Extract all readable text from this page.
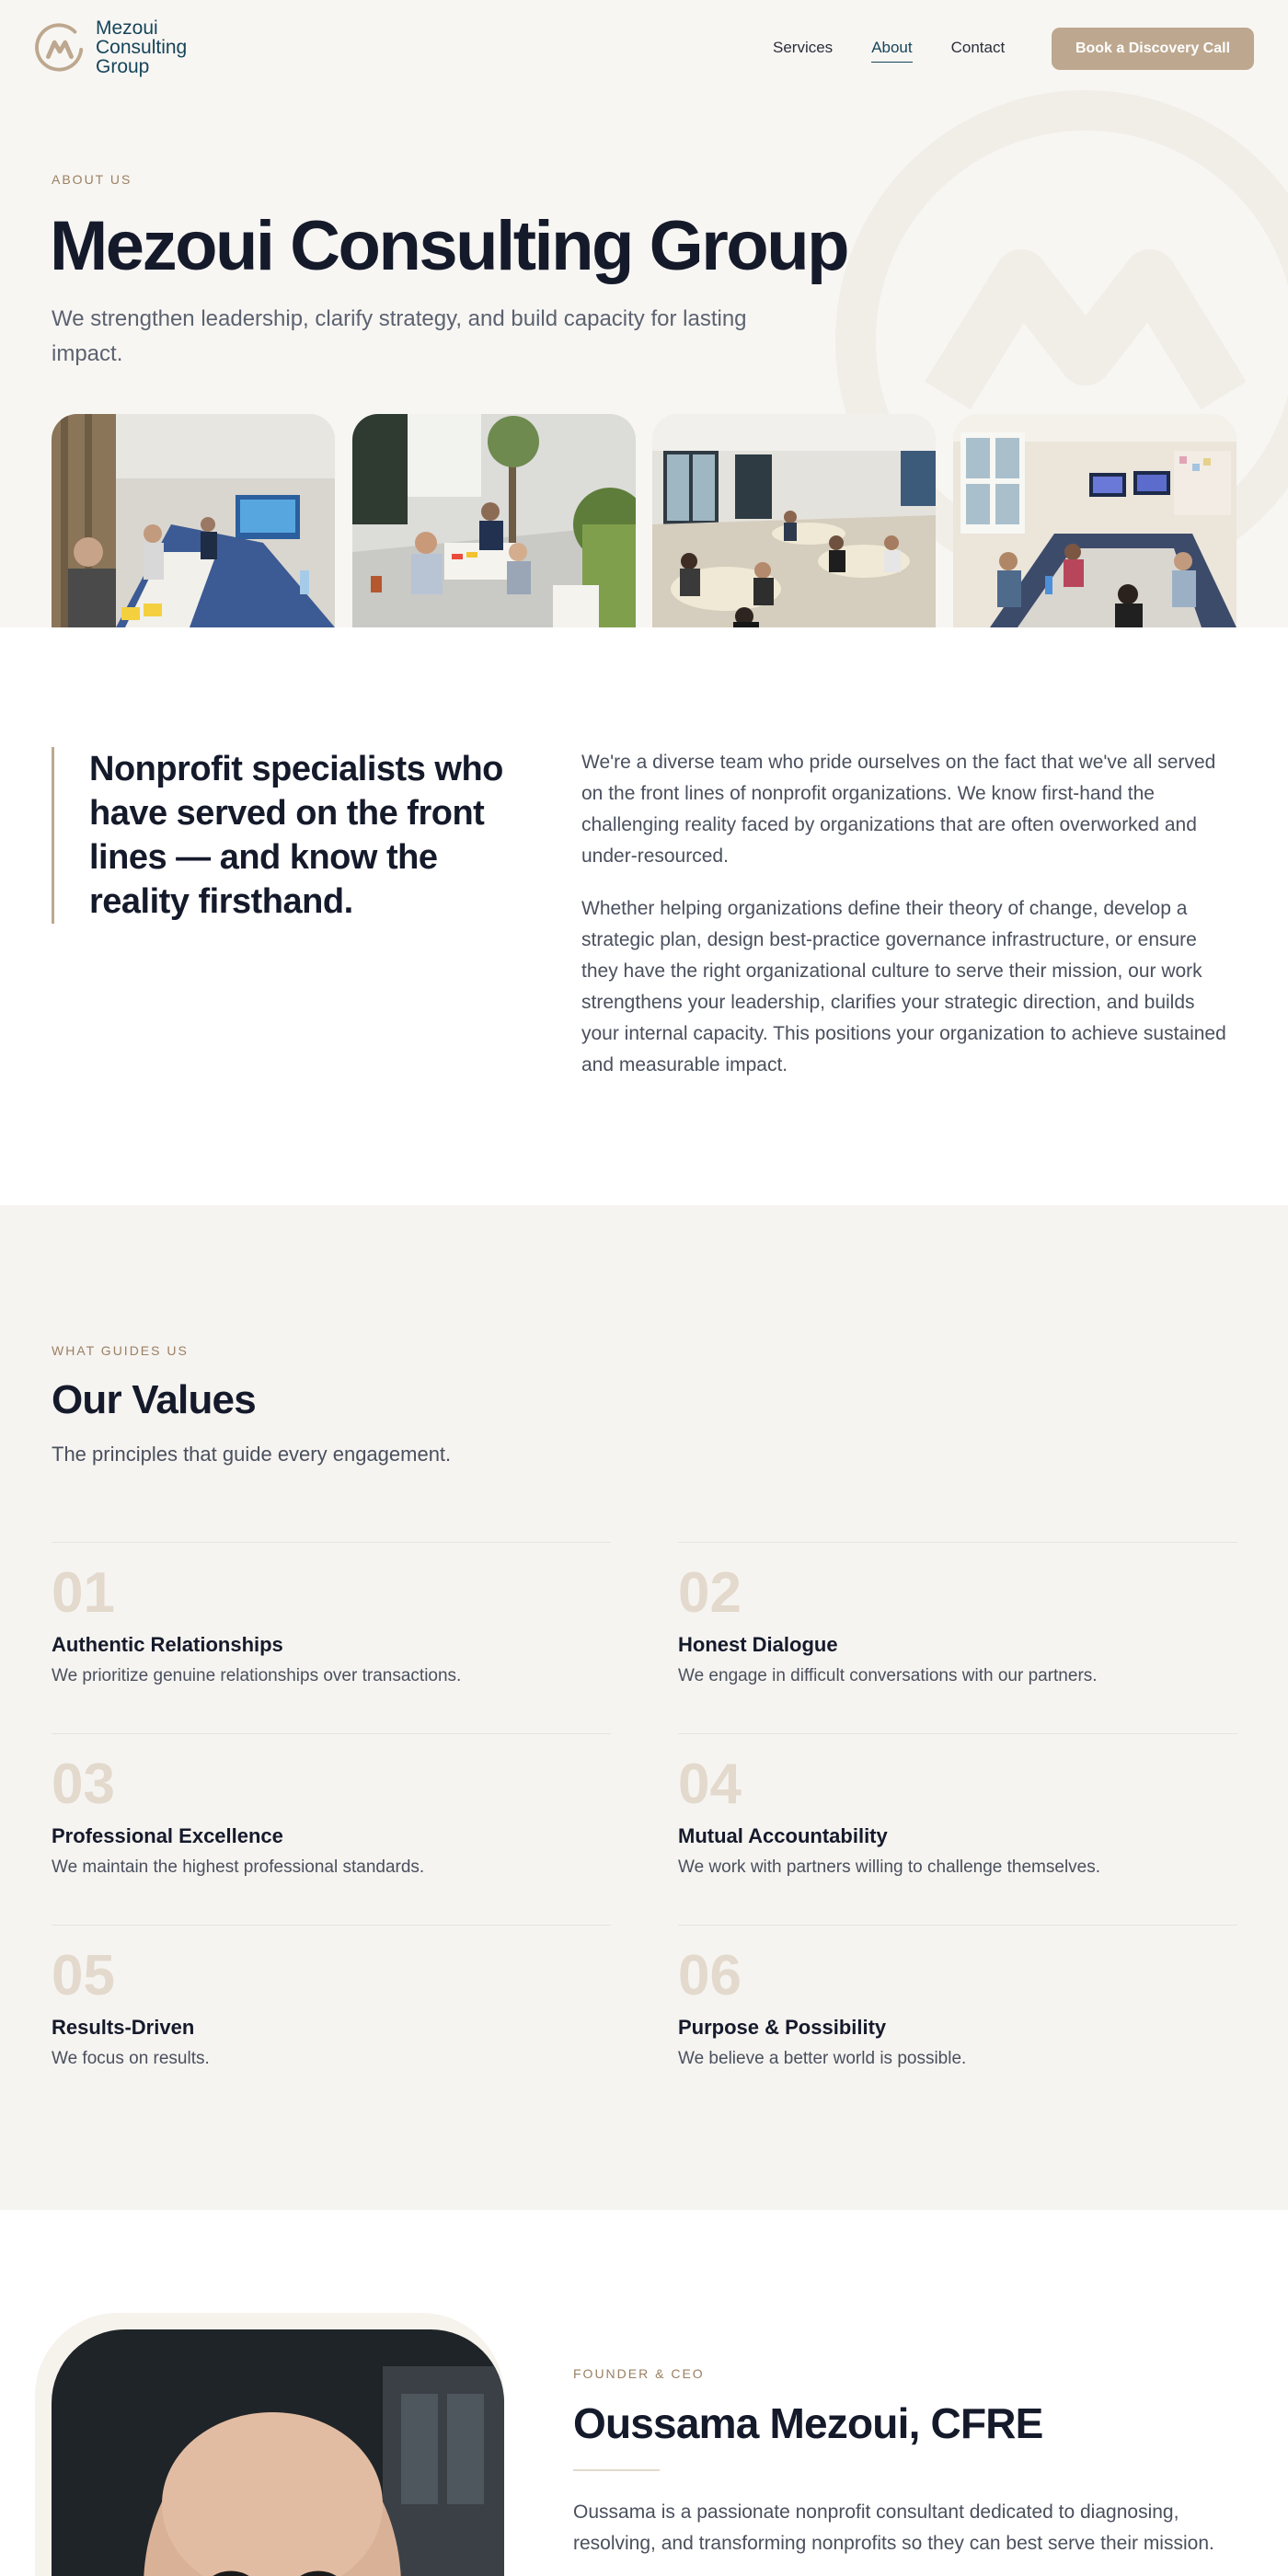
Mezoui
Consulting
Group
Services About Contact	Book a Discovery Call
ABOUT US
Mezoui Consulting Group

We strengthen leadership, clarify strategy, and build capacity for lasting impact.

Nonprofit specialists who have served on the front lines — and know the reality firsthand.

We're a diverse team who pride ourselves on the fact that we've all served on the front lines of nonprofit organizations. We know first-hand the challenging reality faced by organizations that are often overworked and under-resourced.

Whether helping organizations define their theory of change, develop a strategic plan, design best-practice governance infrastructure, or ensure they have the right organizational culture to serve their mission, our work strengthens your leadership, clarifies your strategic direction, and builds your internal capacity. This positions your organization to achieve sustained and measurable impact.

WHAT GUIDES US
Our Values

The principles that guide every engagement.

01
Authentic Relationships
We prioritize genuine relationships over transactions.
02
Honest Dialogue
We engage in difficult conversations with our partners.
03
Professional Excellence
We maintain the highest professional standards.
04
Mutual Accountability
We work with partners willing to challenge themselves.
05
Results-Driven
We focus on results.
06
Purpose & Possibility
We believe a better world is possible.
FOUNDER & CEO
Oussama Mezoui, CFRE

Oussama is a passionate nonprofit consultant dedicated to diagnosing, resolving, and transforming nonprofits so they can best serve their mission.
